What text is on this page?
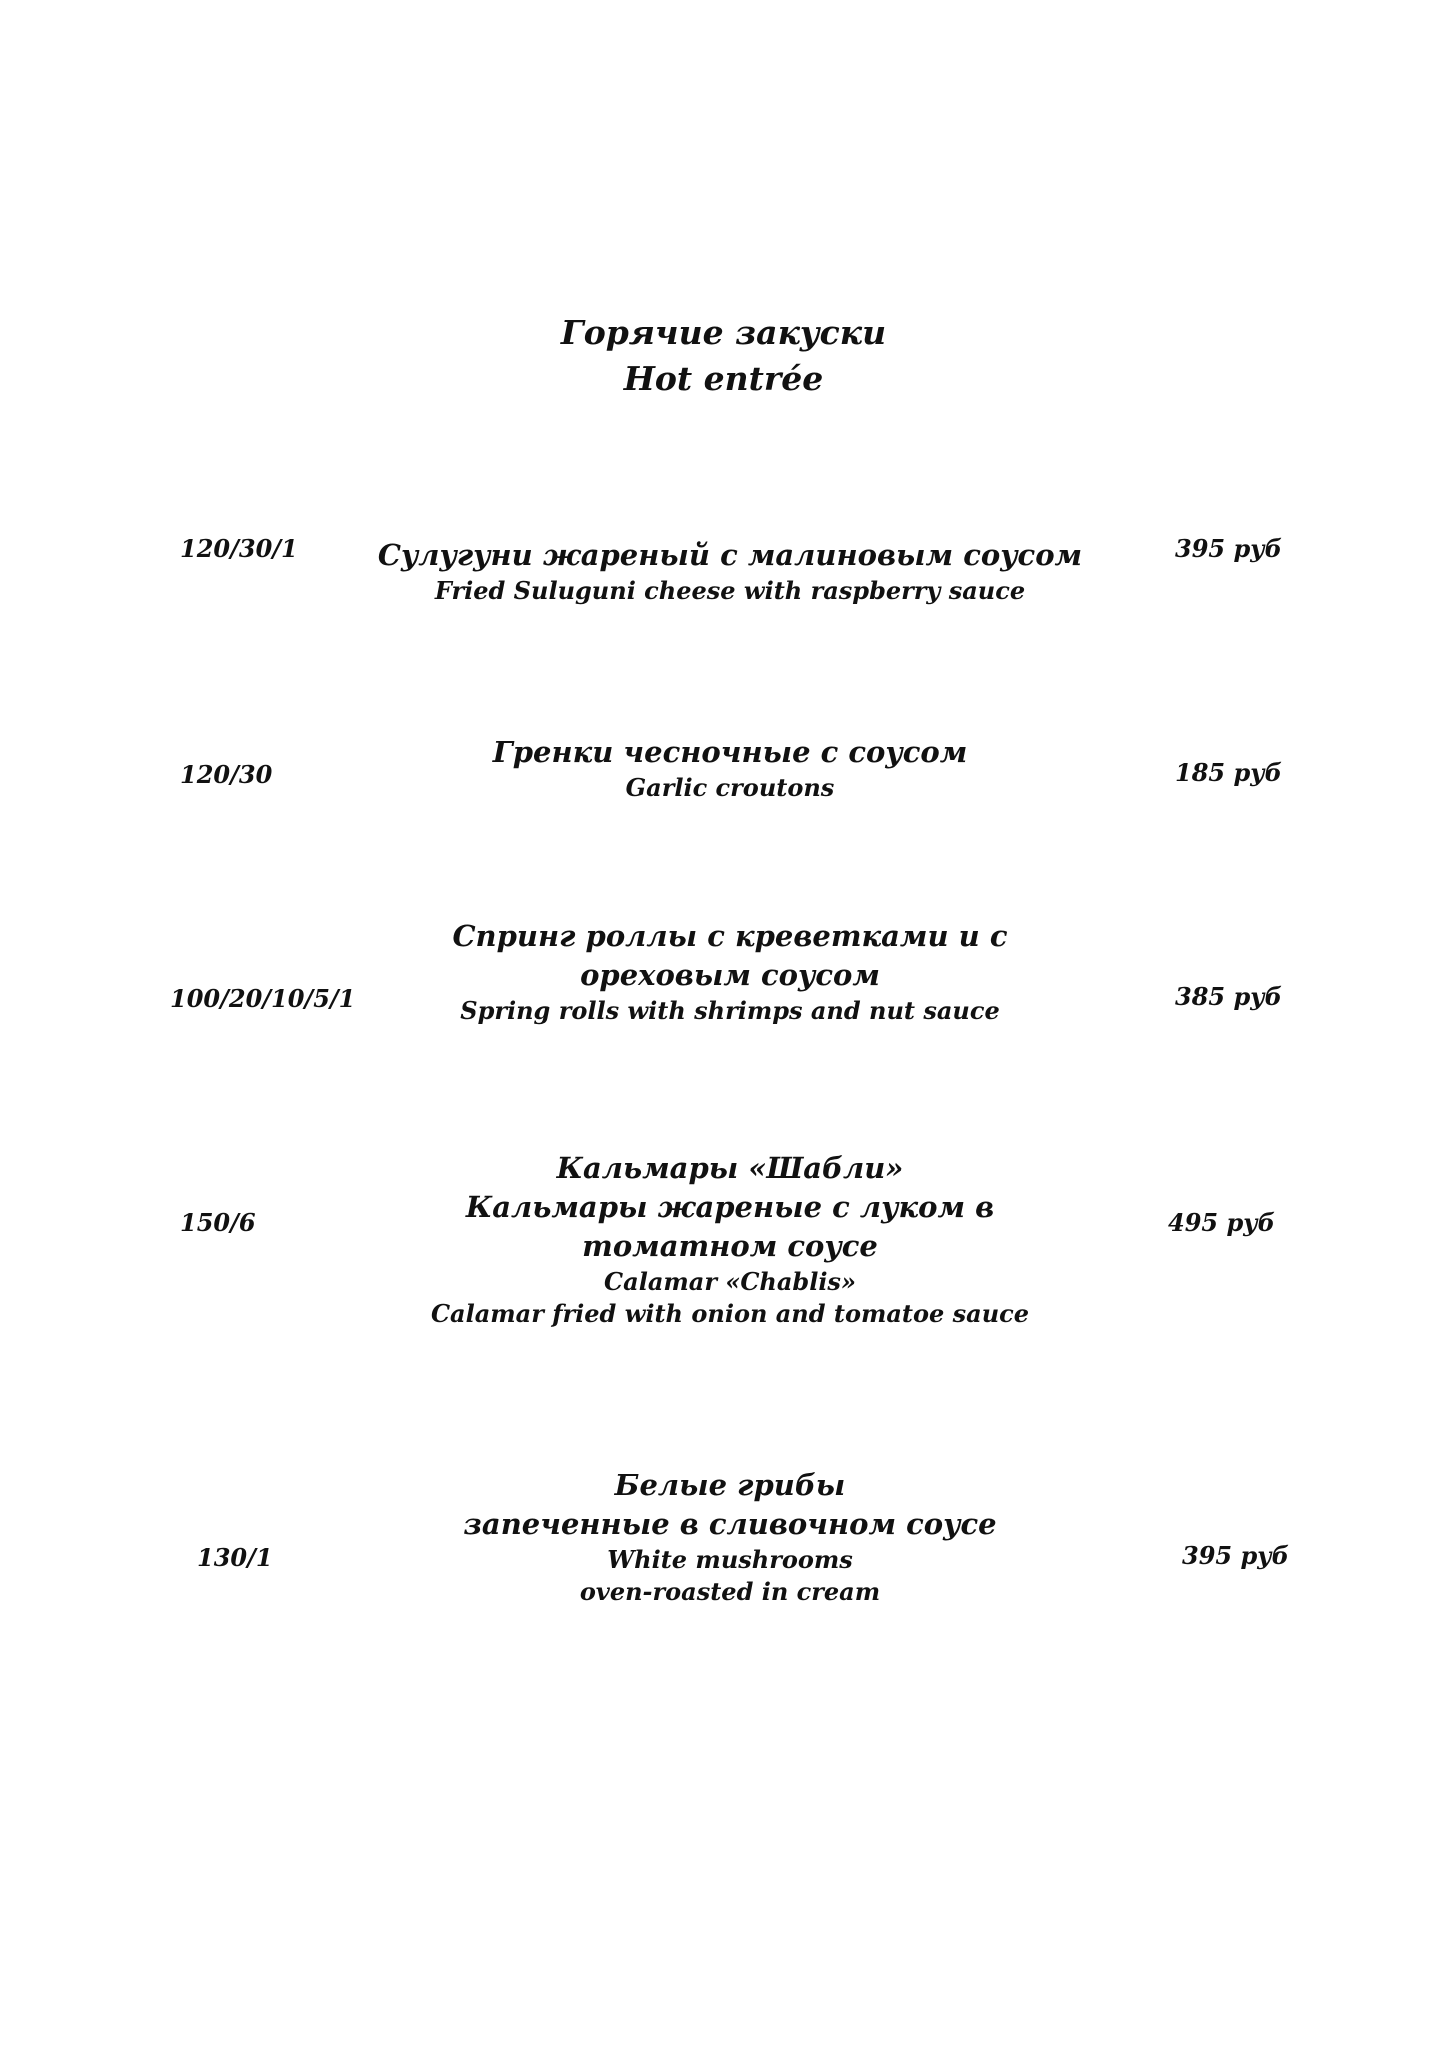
Горячие закуски
Hot entrée
120/30/1	Сулугуни жареный с малиновым соусом
Fried Suluguni cheese with raspberry sauce
395 руб
120/30
Гренки чесночные с соусом
Garlic croutons
185 руб
100/20/10/5/1
Спринг роллы с креветками и с
ореховым соусом
Spring rolls with shrimps and nut sauce	385 руб
150/6
Кальмары «Шабли»
Кальмары жареные с луком в
томатном соусе
Calamar «Chablis»
Calamar fried with onion and tomatoe sauce
495 руб
130/1
Белые грибы
запеченные в сливочном соусе
White mushrooms
oven-roasted in cream
395 руб
